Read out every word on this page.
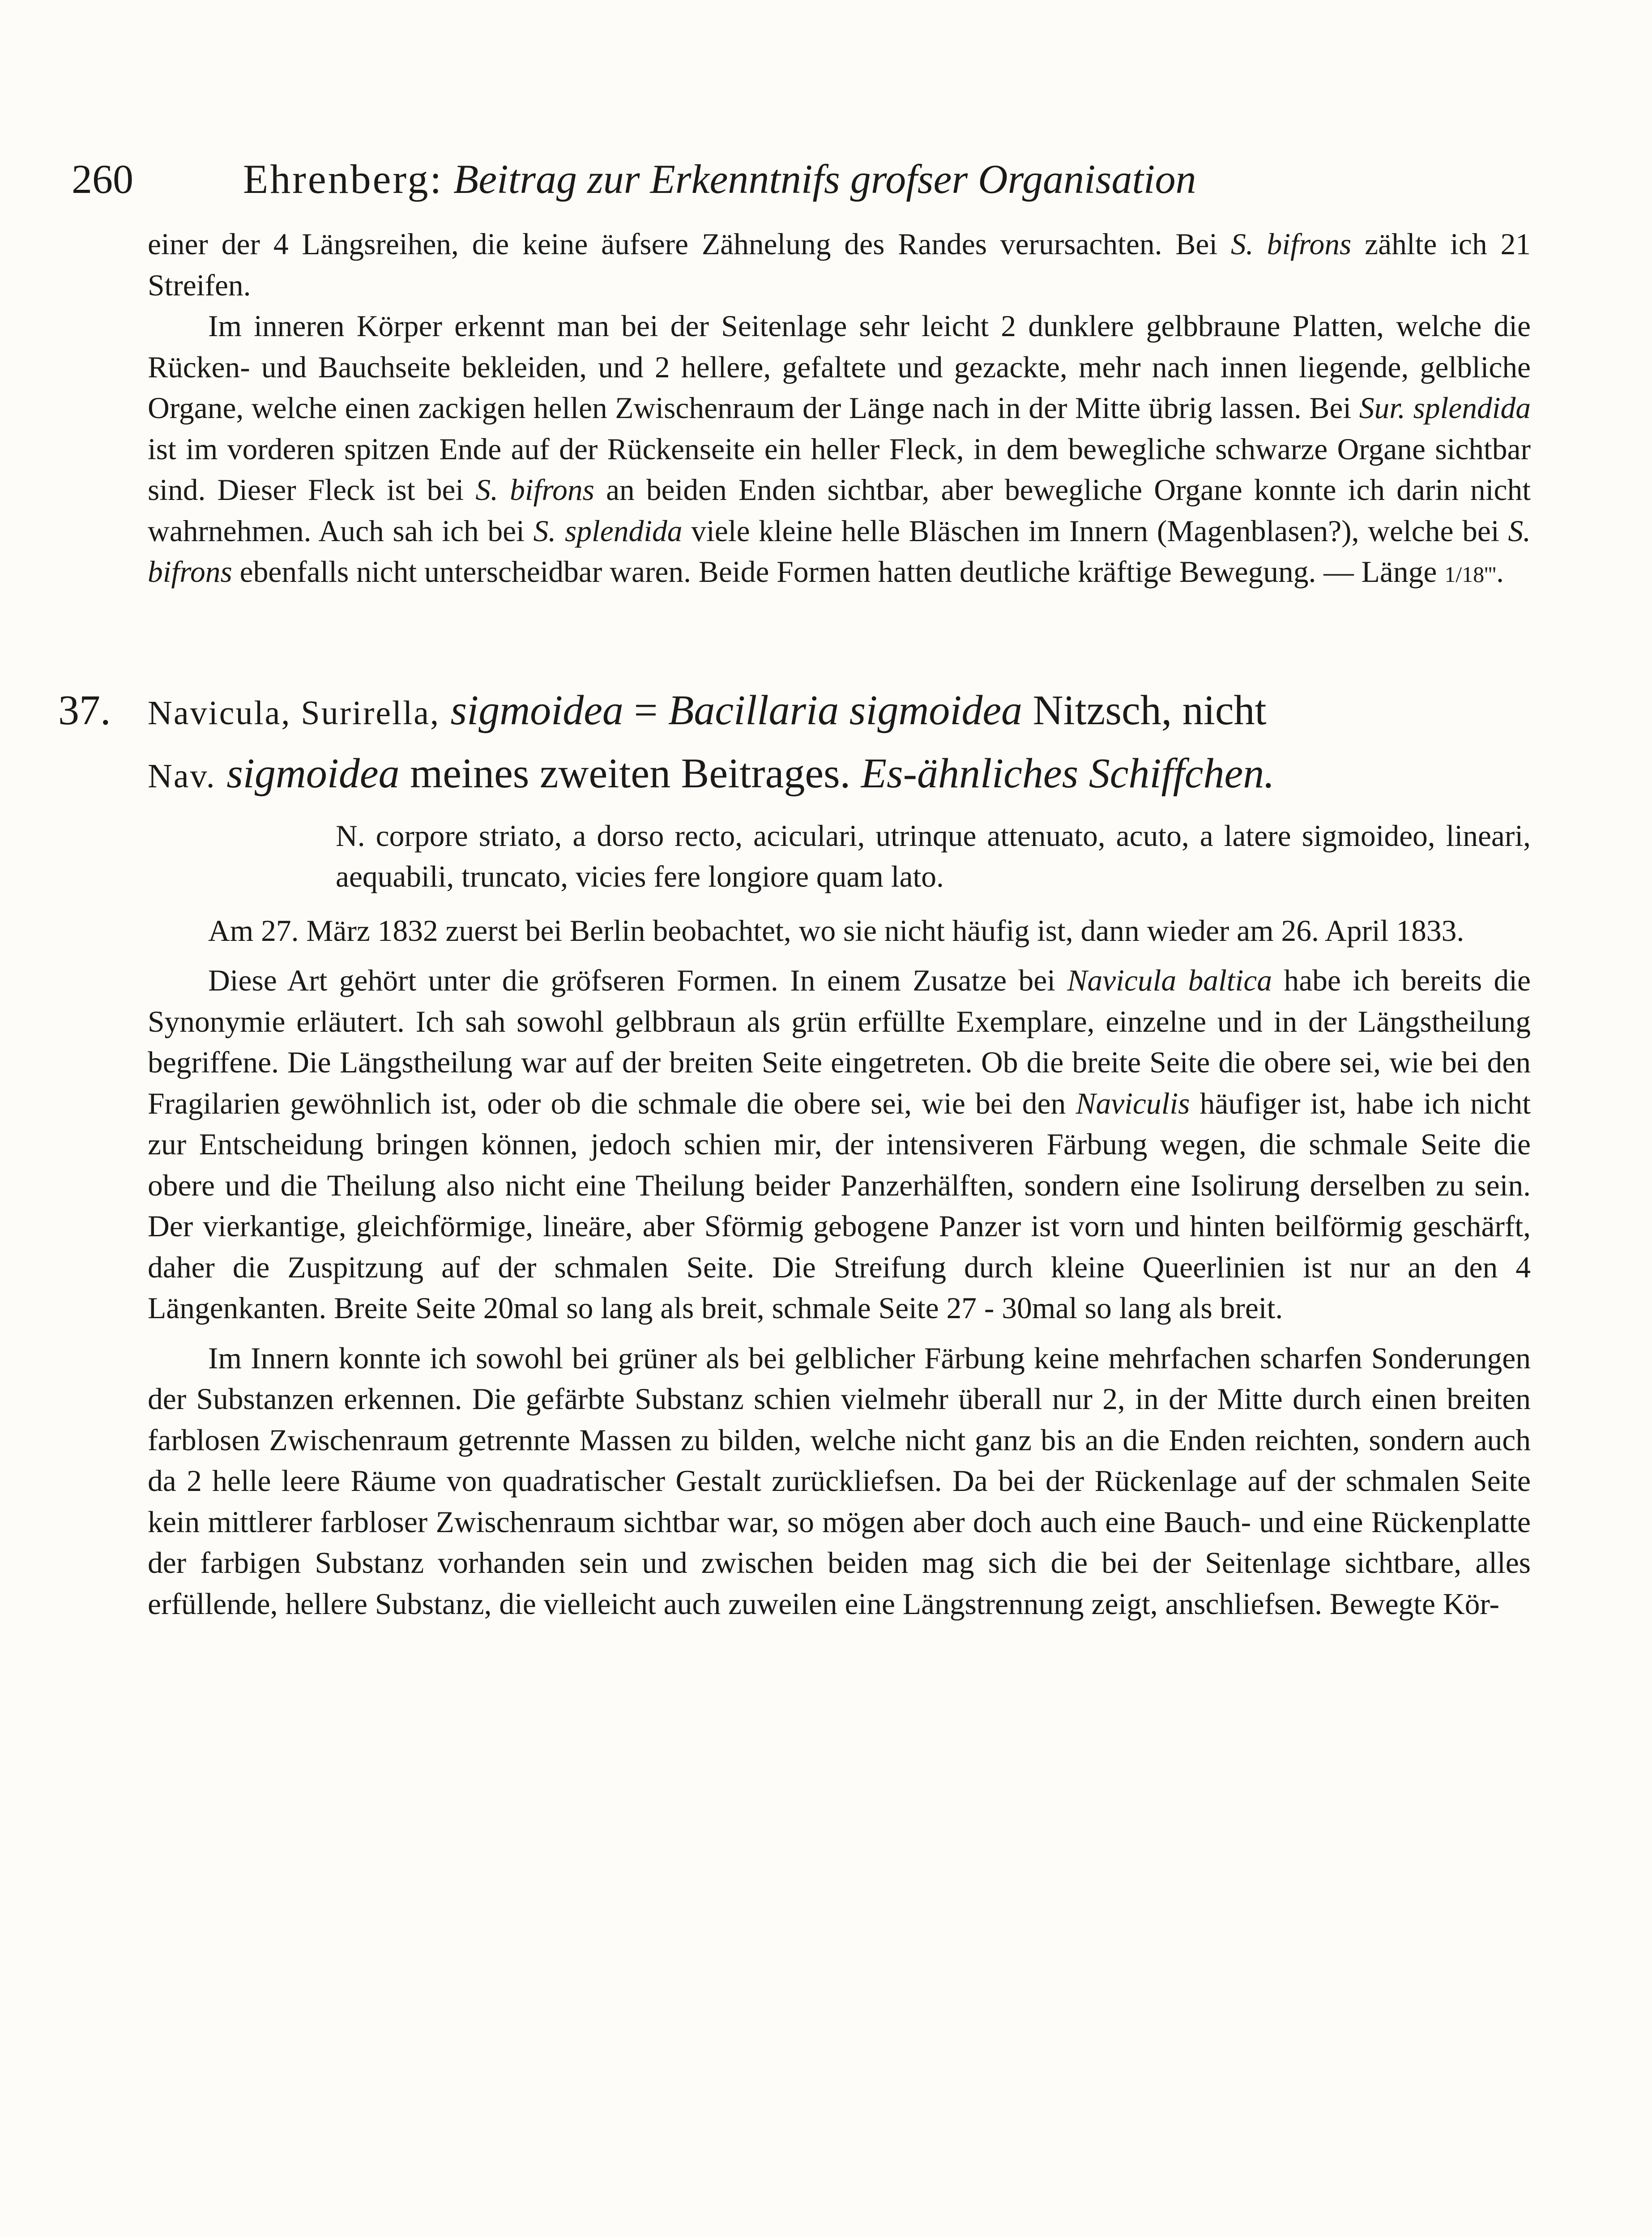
260	Ehrenberg: Beitrag zur Erkenntnifs grofser Organisation

einer der 4 Längsreihen, die keine äufsere Zähnelung des Randes verursachten. Bei S. bifrons zählte ich 21 Streifen.

Im inneren Körper erkennt man bei der Seitenlage sehr leicht 2 dunklere gelbbraune Platten, welche die Rücken- und Bauchseite bekleiden, und 2 hellere, gefaltete und gezackte, mehr nach innen liegende, gelbliche Organe, welche einen zackigen hellen Zwischenraum der Länge nach in der Mitte übrig lassen. Bei Sur. splendida ist im vorderen spitzen Ende auf der Rückenseite ein heller Fleck, in dem bewegliche schwarze Organe sichtbar sind. Dieser Fleck ist bei S. bifrons an beiden Enden sichtbar, aber bewegliche Organe konnte ich darin nicht wahrnehmen. Auch sah ich bei S. splendida viele kleine helle Bläschen im Innern (Magenblasen?), welche bei S. bifrons ebenfalls nicht unterscheidbar waren. Beide Formen hatten deutliche kräftige Bewegung. — Länge 1/18'''.

37. Navicula, Surirella, sigmoidea = Bacillaria sigmoidea Nitzsch, nicht
Nav. sigmoidea meines zweiten Beitrages. Es-ähnliches Schiffchen.

N. corpore striato, a dorso recto, aciculari, utrinque attenuato, acuto, a latere sigmoideo, lineari, aequabili, truncato, vicies fere longiore quam lato.

Am 27. März 1832 zuerst bei Berlin beobachtet, wo sie nicht häufig ist, dann wieder am 26. April 1833.

Diese Art gehört unter die gröfseren Formen. In einem Zusatze bei Navicula baltica habe ich bereits die Synonymie erläutert. Ich sah sowohl gelbbraun als grün erfüllte Exemplare, einzelne und in der Längstheilung begriffene. Die Längstheilung war auf der breiten Seite eingetreten. Ob die breite Seite die obere sei, wie bei den Fragilarien gewöhnlich ist, oder ob die schmale die obere sei, wie bei den Naviculis häufiger ist, habe ich nicht zur Entscheidung bringen können, jedoch schien mir, der intensiveren Färbung wegen, die schmale Seite die obere und die Theilung also nicht eine Theilung beider Panzerhälften, sondern eine Isolirung derselben zu sein. Der vierkantige, gleichförmige, lineäre, aber Sförmig gebogene Panzer ist vorn und hinten beilförmig geschärft, daher die Zuspitzung auf der schmalen Seite. Die Streifung durch kleine Queerlinien ist nur an den 4 Längenkanten. Breite Seite 20mal so lang als breit, schmale Seite 27 - 30mal so lang als breit.

Im Innern konnte ich sowohl bei grüner als bei gelblicher Färbung keine mehrfachen scharfen Sonderungen der Substanzen erkennen. Die gefärbte Substanz schien vielmehr überall nur 2, in der Mitte durch einen breiten farblosen Zwischenraum getrennte Massen zu bilden, welche nicht ganz bis an die Enden reichten, sondern auch da 2 helle leere Räume von quadratischer Gestalt zurückliefsen. Da bei der Rückenlage auf der schmalen Seite kein mittlerer farbloser Zwischenraum sichtbar war, so mögen aber doch auch eine Bauch- und eine Rückenplatte der farbigen Substanz vorhanden sein und zwischen beiden mag sich die bei der Seitenlage sichtbare, alles erfüllende, hellere Substanz, die vielleicht auch zuweilen eine Längstrennung zeigt, anschliefsen. Bewegte Kör-
